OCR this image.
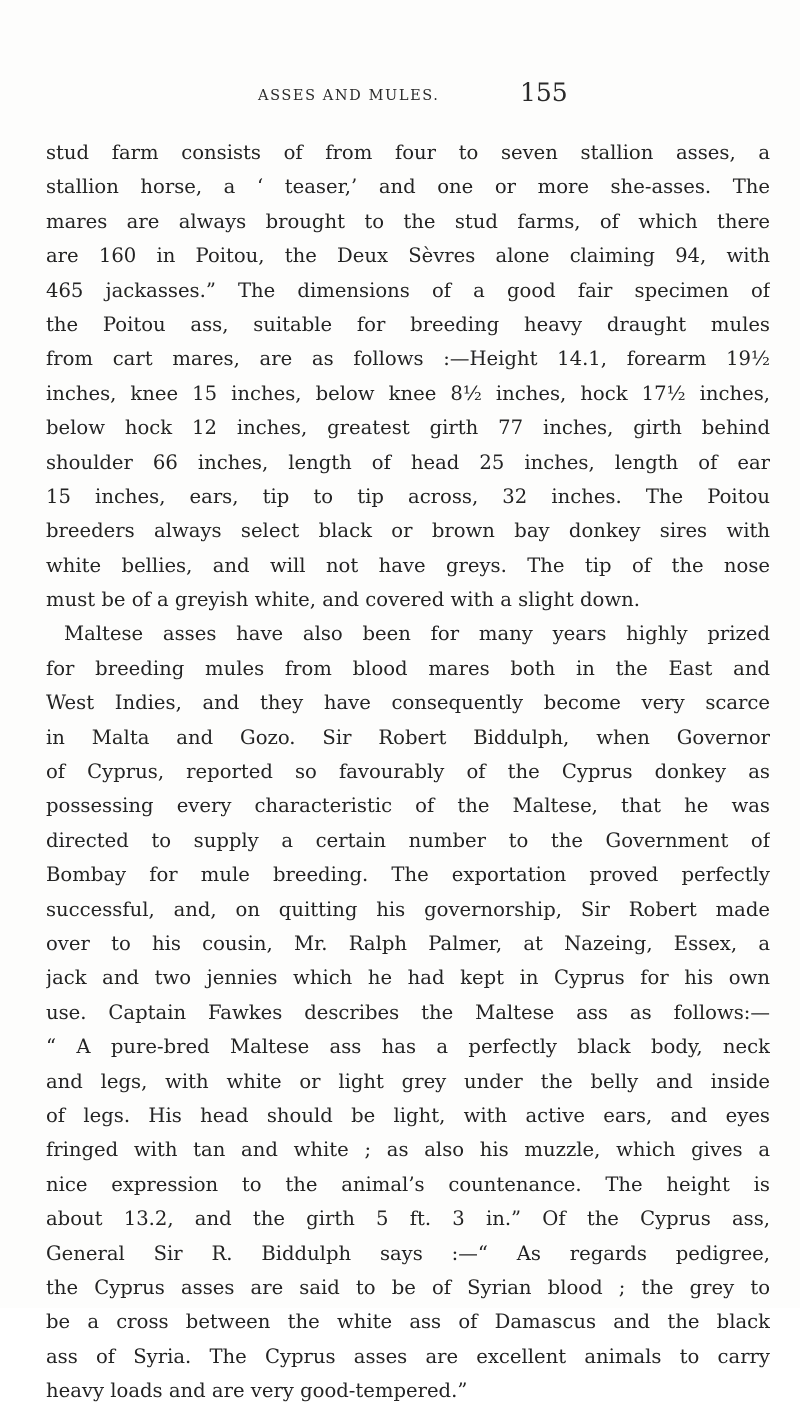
ASSES AND MULES.	155
stud farm consists of from four to seven stallion asses, a
stallion horse, a ‘ teaser,’ and one or more she-asses. The
mares are always brought to the stud farms, of which there
are 160 in Poitou, the Deux Sèvres alone claiming 94, with
465 jackasses.” The dimensions of a good fair specimen of
the Poitou ass, suitable for breeding heavy draught mules
from cart mares, are as follows :—Height 14.1, forearm 19½
inches, knee 15 inches, below knee 8½ inches, hock 17½ inches,
below hock 12 inches, greatest girth 77 inches, girth behind
shoulder 66 inches, length of head 25 inches, length of ear
15 inches, ears, tip to tip across, 32 inches. The Poitou
breeders always select black or brown bay donkey sires with
white bellies, and will not have greys. The tip of the nose
must be of a greyish white, and covered with a slight down.
Maltese asses have also been for many years highly prized
for breeding mules from blood mares both in the East and
West Indies, and they have consequently become very scarce
in Malta and Gozo. Sir Robert Biddulph, when Governor
of Cyprus, reported so favourably of the Cyprus donkey as
possessing every characteristic of the Maltese, that he was
directed to supply a certain number to the Government of
Bombay for mule breeding. The exportation proved perfectly
successful, and, on quitting his governorship, Sir Robert made
over to his cousin, Mr. Ralph Palmer, at Nazeing, Essex, a
jack and two jennies which he had kept in Cyprus for his own
use. Captain Fawkes describes the Maltese ass as follows:—
“ A pure-bred Maltese ass has a perfectly black body, neck
and legs, with white or light grey under the belly and inside
of legs. His head should be light, with active ears, and eyes
fringed with tan and white ; as also his muzzle, which gives a
nice expression to the animal’s countenance. The height is
about 13.2, and the girth 5 ft. 3 in.” Of the Cyprus ass,
General Sir R. Biddulph says :—“ As regards pedigree,
the Cyprus asses are said to be of Syrian blood ; the grey to
be a cross between the white ass of Damascus and the black
ass of Syria. The Cyprus asses are excellent animals to carry
heavy loads and are very good-tempered.”
